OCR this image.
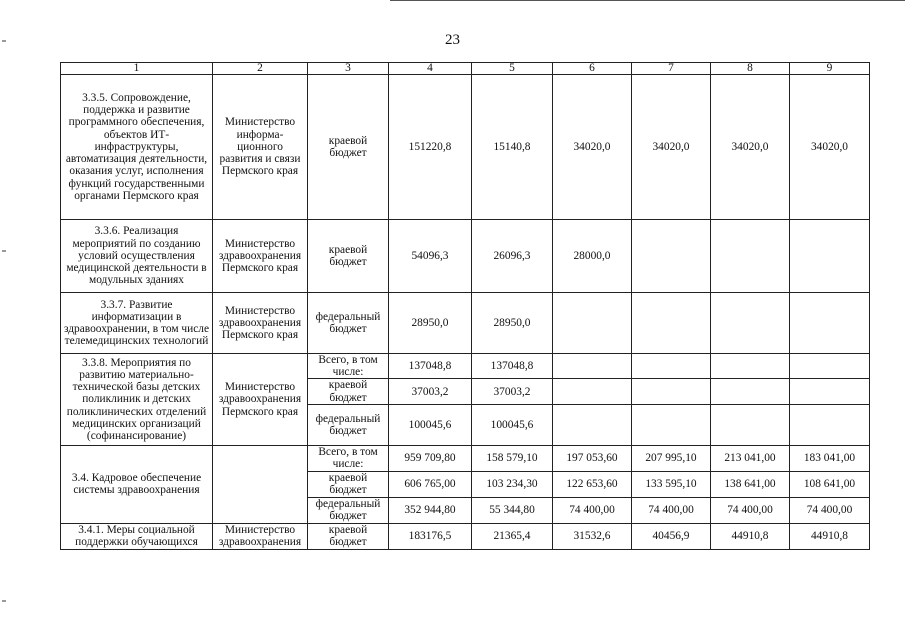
23
1	2	3	4	5	6	7	8	9
3.3.5. Сопровождение, поддержка и развитие программного обеспечения, объектов ИТ-инфраструктуры, автоматизация деятельности, оказания услуг, исполнения функций государственными органами Пермского края	Министерство информа- ционного развития и связи Пермского края	краевой бюджет	151220,8	15140,8	34020,0	34020,0	34020,0	34020,0
3.3.6. Реализация мероприятий по созданию условий осуществления медицинской деятельности в модульных зданиях	Министерство здравоохранения Пермского края	краевой бюджет	54096,3	26096,3	28000,0			
3.3.7. Развитие информатизации в здравоохранении, в том числе телемедицинских технологий	Министерство здравоохранения Пермского края	федеральный бюджет	28950,0	28950,0				
3.3.8. Мероприятия по развитию материально-технической базы детских поликлиник и детских поликлинических отделений медицинских организаций (софинансирование)	Министерство здравоохранения Пермского края	Всего, в том числе:	137048,8	137048,8				
		краевой бюджет	37003,2	37003,2				
		федеральный бюджет	100045,6	100045,6				
3.4. Кадровое обеспечение системы здравоохранения		Всего, в том числе:	959 709,80	158 579,10	197 053,60	207 995,10	213 041,00	183 041,00
		краевой бюджет	606 765,00	103 234,30	122 653,60	133 595,10	138 641,00	108 641,00
		федеральный бюджет	352 944,80	55 344,80	74 400,00	74 400,00	74 400,00	74 400,00
3.4.1. Меры социальной поддержки обучающихся	Министерство здравоохранения	краевой бюджет	183176,5	21365,4	31532,6	40456,9	44910,8	44910,8
